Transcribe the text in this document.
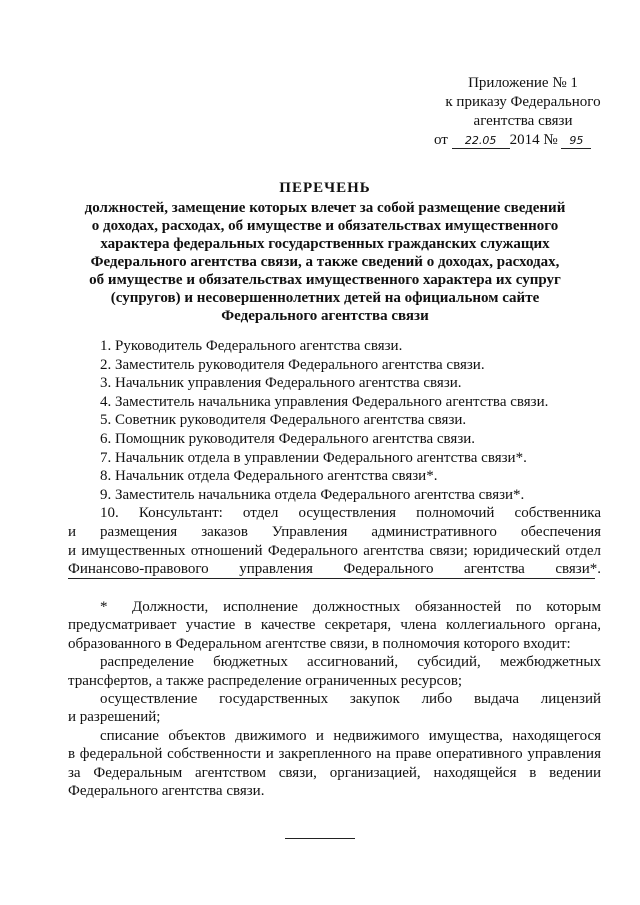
Приложение № 1
к приказу Федерального
агентства связи
от 22.05 2014 № 95
ПЕРЕЧЕНЬ
должностей, замещение которых влечет за собой размещение сведений
о доходах, расходах, об имуществе и обязательствах имущественного
характера федеральных государственных гражданских служащих
Федерального агентства связи, а также сведений о доходах, расходах,
об имуществе и обязательствах имущественного характера их супруг
(супругов) и несовершеннолетних детей на официальном сайте
Федерального агентства связи
1. Руководитель Федерального агентства связи.
2. Заместитель руководителя Федерального агентства связи.
3. Начальник управления Федерального агентства связи.
4. Заместитель начальника управления Федерального агентства связи.
5. Советник руководителя Федерального агентства связи.
6. Помощник руководителя Федерального агентства связи.
7. Начальник отдела в управлении Федерального агентства связи*.
8. Начальник отдела Федерального агентства связи*.
9. Заместитель начальника отдела Федерального агентства связи*.
10. Консультант: отдел осуществления полномочий собственника
и размещения заказов Управления административного обеспечения
и имущественных отношений Федерального агентства связи; юридический отдел
Финансово-правового управления Федерального агентства связи*.

* Должности, исполнение должностных обязанностей по которым
предусматривает участие в качестве секретаря, члена коллегиального органа,
образованного в Федеральном агентстве связи, в полномочия которого входит:

распределение бюджетных ассигнований, субсидий, межбюджетных
трансфертов, а также распределение ограниченных ресурсов;

осуществление государственных закупок либо выдача лицензий
и разрешений;

списание объектов движимого и недвижимого имущества, находящегося
в федеральной собственности и закрепленного на праве оперативного управления
за Федеральным агентством связи, организацией, находящейся в ведении
Федерального агентства связи.
